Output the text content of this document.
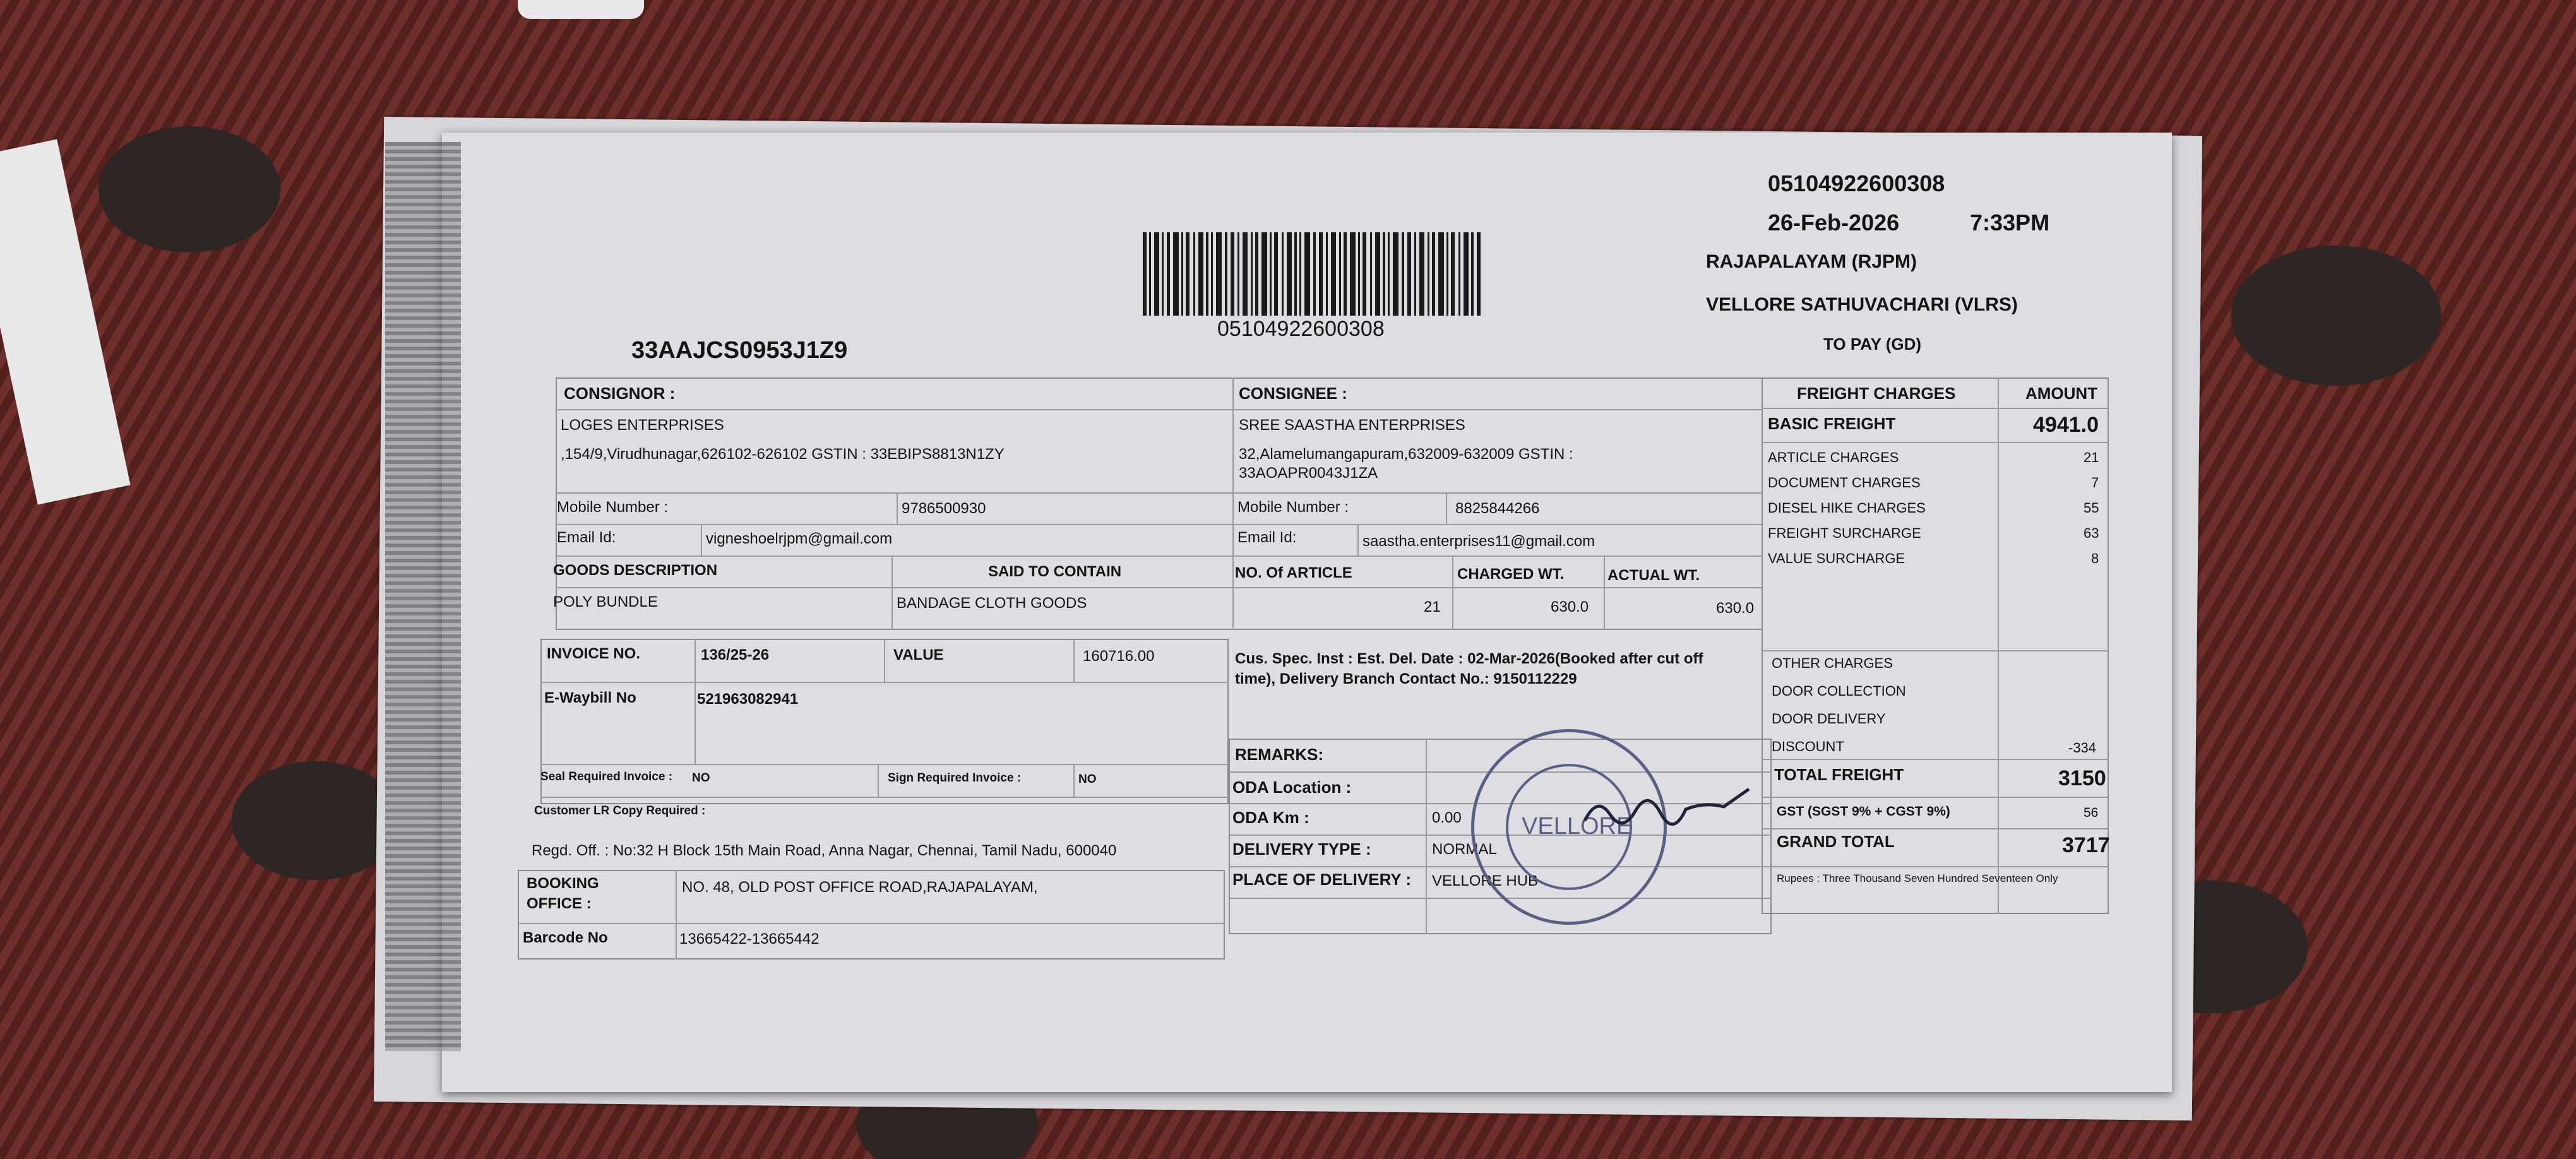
05104922600308
26-Feb-2026	7:33PM
RAJAPALAYAM (RJPM)
VELLORE SATHUVACHARI (VLRS)
TO PAY (GD)
05104922600308
33AAJCS0953J1Z9
CONSIGNOR :
LOGES ENTERPRISES
,154/9,Virudhunagar,626102-626102 GSTIN : 33EBIPS8813N1ZY
Mobile Number :	9786500930
Email Id:	vigneshoelrjpm@gmail.com
CONSIGNEE :
SREE SAASTHA ENTERPRISES
32,Alamelumangapuram,632009-632009 GSTIN :
33AOAPR0043J1ZA
Mobile Number :	8825844266
Email Id:	saastha.enterprises11@gmail.com
GOODS DESCRIPTION	SAID TO CONTAIN	NO. Of ARTICLE	CHARGED WT.	ACTUAL WT.
POLY BUNDLE	BANDAGE CLOTH GOODS	21	630.0	630.0
INVOICE NO.	136/25-26	VALUE	160716.00
E-Waybill No	521963082941
Seal Required Invoice : NO	Sign Required Invoice :	NO
Customer LR Copy Required :
Regd. Off. : No:32 H Block 15th Main Road, Anna Nagar, Chennai, Tamil Nadu, 600040
BOOKING
OFFICE :
NO. 48, OLD POST OFFICE ROAD,RAJAPALAYAM,
Barcode No	13665422-13665442
Cus. Spec. Inst : Est. Del. Date : 02-Mar-2026(Booked after cut off
time), Delivery Branch Contact No.: 9150112229
REMARKS:
ODA Location :
ODA Km :	0.00
DELIVERY TYPE :	NORMAL
PLACE OF DELIVERY : VELLORE HUB
VELLORE
FREIGHT CHARGES	AMOUNT
BASIC FREIGHT	4941.0
ARTICLE CHARGES	21
DOCUMENT CHARGES	7
DIESEL HIKE CHARGES	55
FREIGHT SURCHARGE	63
VALUE SURCHARGE	8
OTHER CHARGES
DOOR COLLECTION
DOOR DELIVERY
DISCOUNT	-334
TOTAL FREIGHT	3150
GST (SGST 9% + CGST 9%)	56
GRAND TOTAL	3717
Rupees : Three Thousand Seven Hundred Seventeen Only
